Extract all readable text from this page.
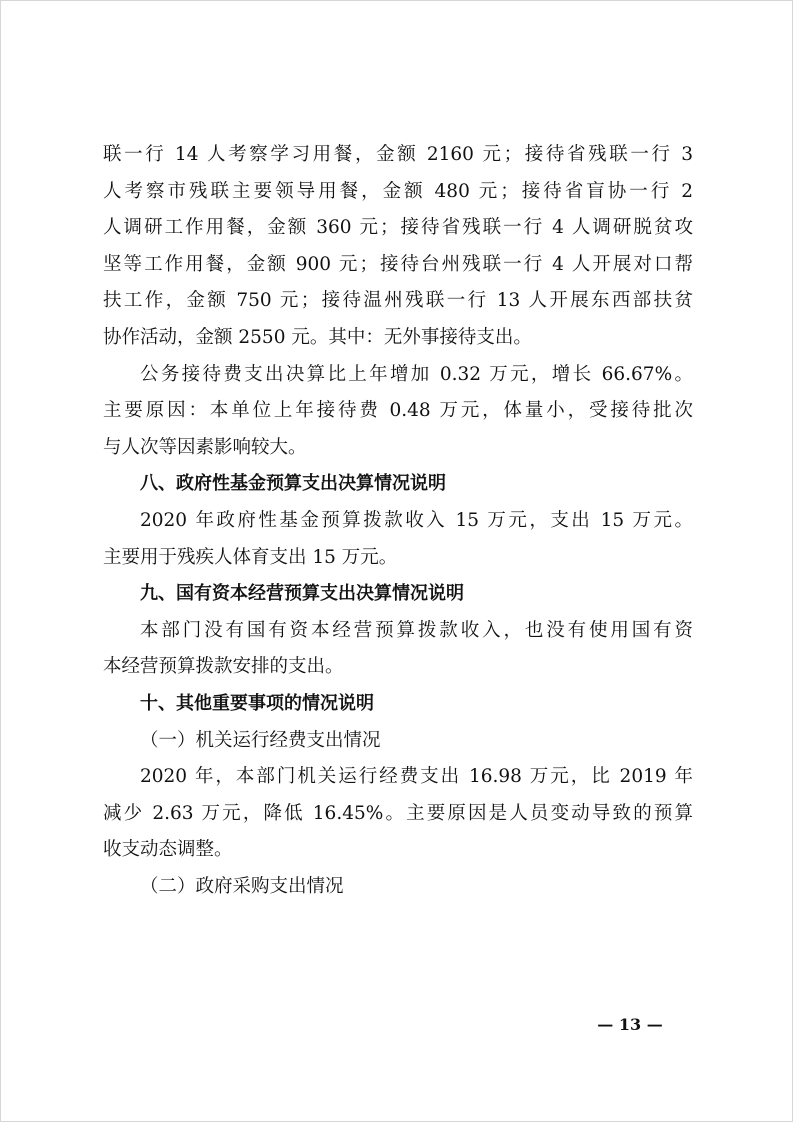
联一行 14 人考察学习用餐，金额 2160 元；接待省残联一行 3
人考察市残联主要领导用餐，金额 480 元；接待省盲协一行 2
人调研工作用餐，金额 360 元；接待省残联一行 4 人调研脱贫攻
坚等工作用餐，金额 900 元；接待台州残联一行 4 人开展对口帮
扶工作，金额 750 元；接待温州残联一行 13 人开展东西部扶贫
协作活动，金额 2550 元。其中：无外事接待支出。
公务接待费支出决算比上年增加 0.32 万元，增长 66.67%。
主要原因：本单位上年接待费 0.48 万元，体量小，受接待批次
与人次等因素影响较大。
八、政府性基金预算支出决算情况说明
2020 年政府性基金预算拨款收入 15 万元，支出 15 万元。
主要用于残疾人体育支出 15 万元。
九、国有资本经营预算支出决算情况说明
本部门没有国有资本经营预算拨款收入，也没有使用国有资
本经营预算拨款安排的支出。
十、其他重要事项的情况说明
（一）机关运行经费支出情况
2020 年，本部门机关运行经费支出 16.98 万元，比 2019 年
减少 2.63 万元，降低 16.45%。主要原因是人员变动导致的预算
收支动态调整。
（二）政府采购支出情况
— 13 —
